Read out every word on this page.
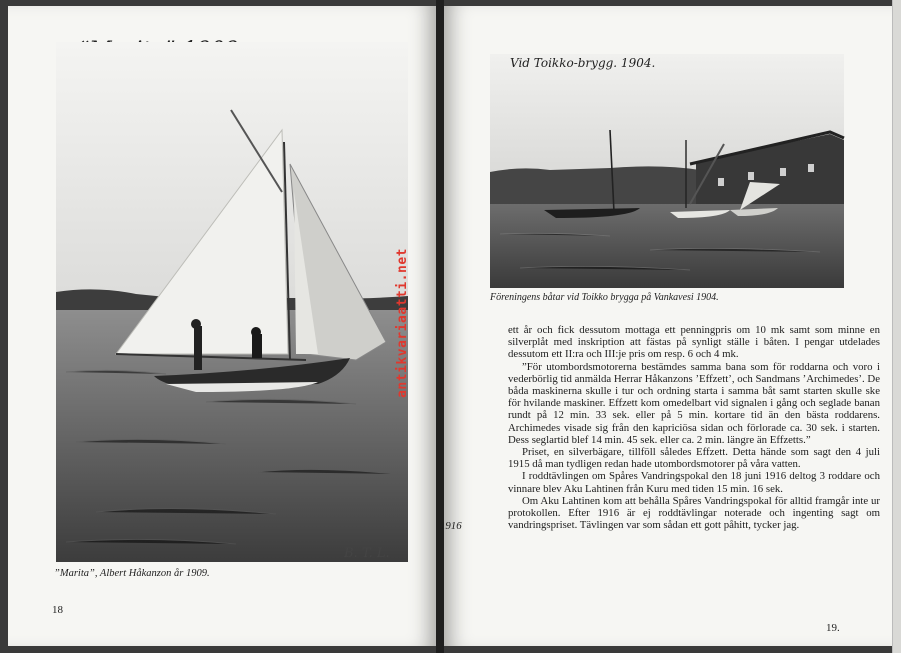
B. T. L.
”Marita”, Albert Håkanzon år 1909.
18
antikvariaatti.net
Vid Toikko-brygg. 1904.
Föreningens båtar vid Toikko brygga på Vankavesi 1904.
1916

ett år och fick dessutom mottaga ett penningpris om 10 mk samt som minne en silverplåt med inskription att fästas på synligt ställe i båten. I pengar utdelades dessutom ett II:ra och III:je pris om resp. 6 och 4 mk.

”För utombordsmotorerna bestämdes samma bana som för roddarna och voro i vederbörlig tid anmälda Herrar Håkanzons ’Effzett’, och Sandmans ’Archimedes’. De båda maskinerna skulle i tur och ordning starta i samma båt samt starten skulle ske för hvilande maskiner. Effzett kom omedelbart vid signalen i gång och seglade banan rundt på 12 min. 33 sek. eller på 5 min. kortare tid än den bästa roddarens. Archimedes visade sig från den kapriciösa sidan och förlorade ca. 30 sek. i starten. Dess seglartid blef 14 min. 45 sek. eller ca. 2 min. längre än Effzetts.”

Priset, en silverbägare, tillföll således Effzett. Detta hände som sagt den 4 juli 1915 då man tydligen redan hade utombordsmotorer på våra vatten.

I roddtävlingen om Spåres Vandringspokal den 18 juni 1916 deltog 3 roddare och vinnare blev Aku Lahtinen från Kuru med tiden 15 min. 16 sek.

Om Aku Lahtinen kom att behålla Spåres Vandringspokal för alltid framgår inte ur protokollen. Efter 1916 är ej roddtävlingar noterade och ingenting sagt om vandringspriset. Tävlingen var som sådan ett gott påhitt, tycker jag.

19.
